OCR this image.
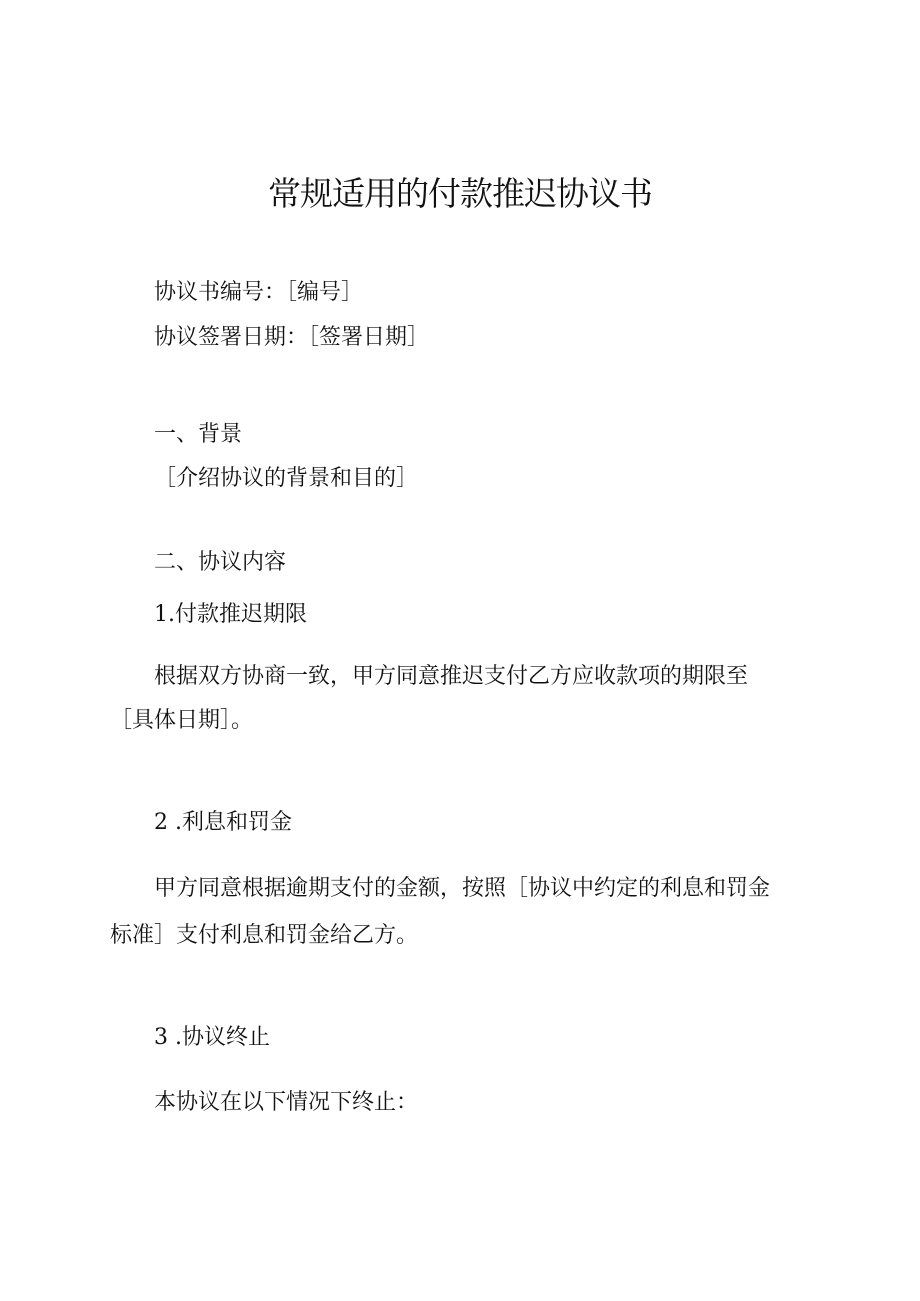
常规适用的付款推迟协议书
协议书编号：［编号］
协议签署日期：［签署日期］
一、背景
［介绍协议的背景和目的］
二、协议内容
1.付款推迟期限
根据双方协商一致，甲方同意推迟支付乙方应收款项的期限至
［具体日期］。
2 .利息和罚金
甲方同意根据逾期支付的金额，按照［协议中约定的利息和罚金
标准］支付利息和罚金给乙方。
3 .协议终止
本协议在以下情况下终止：
